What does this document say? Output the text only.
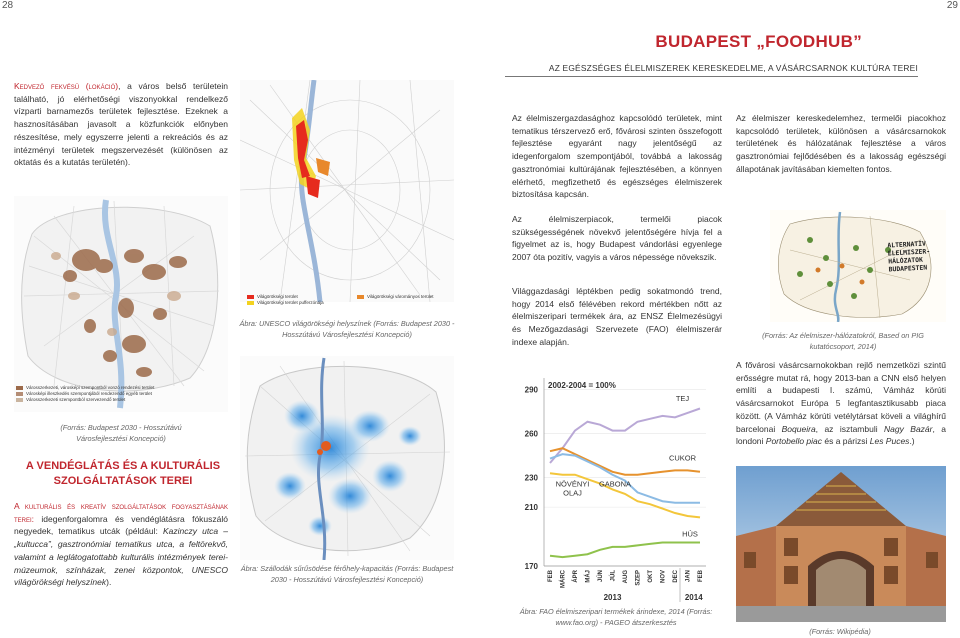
28	29
BUDAPEST „FOODHUB”
AZ EGÉSZSÉGES ÉLELMISZEREK KERESKEDELME, A VÁSÁRCSARNOK KULTÚRA TEREI
Kedvező fekvésű (lokáció), a város belső területein található, jó elérhetőségi viszonyokkal rendelkező vízparti barnamezős területek fejlesztése. Ezeknek a hasznosításában javasolt a közfunkciók előnyben részesítése, mely egyszerre jelenti a rekreációs és az intézményi területek megszervezését (különösen az oktatás és a kutatás területén).
Városszerkezeti, városképi szempontból vonzó rendezési terület
Városképi illeszkedés szempontjából rendezendő egyéb terület
Városszerkezeti szempontból szervezendő terület
(Forrás: Budapest 2030 - Hosszútávú Városfejlesztési Koncepció)
A VENDÉGLÁTÁS ÉS A KULTURÁLIS SZOLGÁLTATÁSOK TEREI
A kulturális és kreatív szolgáltatások fogyasztásának terei: idegenforgalomra és vendéglátásra fókuszáló negyedek, tematikus utcák (például: Kazinczy utca – „kultucca”, gasztronómiai tematikus utca, a feltörekvő, valamint a leglátogatottabb kulturális intézmények terei- múzeumok, színházak, zenei központok, UNESCO világörökségi helyszínek).
Világörökségi terület	Világörökségi várományos terület
Világörökségi terület pufferzónája
Ábra: UNESCO világörökségi helyszínek (Forrás: Budapest 2030 - Hosszútávú Városfejlesztési Koncepció)
Ábra: Szállodák sűrűsödése férőhely-kapacitás (Forrás: Budapest 2030 - Hosszútávú Városfejlesztési Koncepció)
Az élelmiszergazdasághoz kapcsolódó területek, mint tematikus térszervező erő, fővárosi szinten összefogott fejlesztése egyaránt nagy jelentőségű az idegenforgalom szempontjából, továbbá a lakosság gasztronómiai kultúrájának fejlesztésében, a könnyen elérhető, megfizethető és egészséges élelmiszerek biztosítása kapcsán.
Az élelmiszerpiacok, termelői piacok szükségességének növekvő jelentőségére hívja fel a figyelmet az is, hogy Budapest vándorlási egyenlege 2007 óta pozitív, vagyis a város népessége növekszik.
Világgazdasági léptékben pedig sokatmondó trend, hogy 2014 első félévében rekord mértékben nőtt az élelmiszeripari termékek ára, az ENSZ Élelmezésügyi és Mezőgazdasági Szervezete (FAO) élelmiszerár indexe alapján.
170
210
230
260
290 2002-2004 = 100%
TEJ
CUKOR
GABONA
NÖVÉNYI
OLAJ
HÚS
FEB MÁRC ÁPR MÁJ JÚN JÚL AUG SZEP OKT NOV DEC JAN FEB
2013	2014
Ábra: FAO élelmiszeripari termékek árindexe, 2014 (Forrás: www.fao.org) - PAGEO átszerkesztés
Az élelmiszer kereskedelemhez, termelői piacokhoz kapcsolódó területek, különösen a vásárcsarnokok területének és hálózatának fejlesztése a város gasztronómiai fejlődésében és a lakosság egészségi állapotának javításában kiemelten fontos.
ALTERNATÍV ÉLELMISZER-HÁLÓZATOK BUDAPESTEN
(Forrás: Az élelmiszer-hálózatokról, Based on PIG kutatócsoport, 2014)
A fővárosi vásárcsarnokokban rejlő nemzetközi szintű erősségre mutat rá, hogy 2013-ban a CNN első helyen említi a budapesti I. számú, Vámház körúti vásárcsarnokot Európa 5 legfantasztikusabb piaca között. (A Vámház körúti vetélytársat köveli a világhírű barcelonai Boqueira, az isztambuli Nagy Bazár, a londoni Portobello piac és a párizsi Les Puces.)
(Forrás: Wikipédia)
